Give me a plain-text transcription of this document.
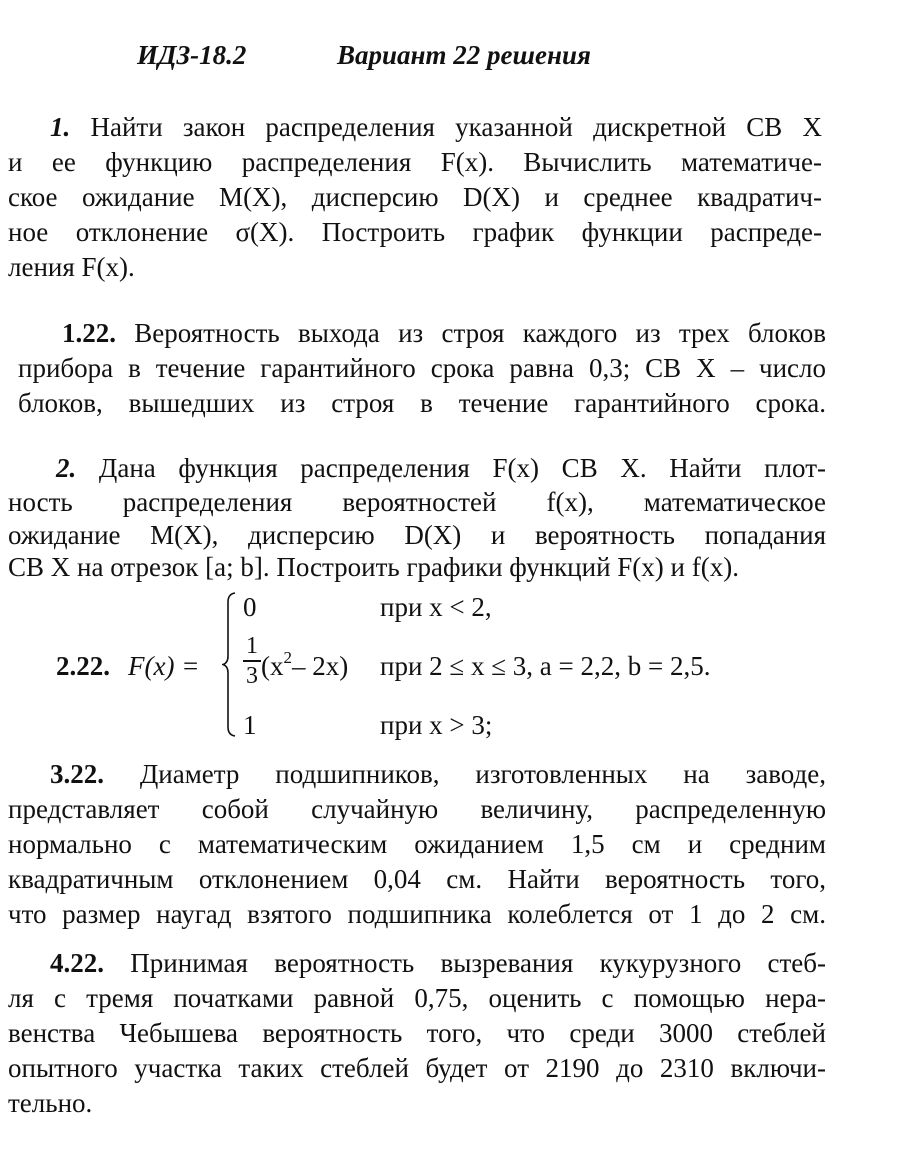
ИДЗ-18.2	Вариант 22 решения
1. Найти закон распределения указанной дискретной СВ X
и ее функцию распределения F(x). Вычислить математиче-
ское ожидание M(X), дисперсию D(X) и среднее квадратич-
ное отклонение σ(X). Построить график функции распреде-
ления F(x).
1.22. Вероятность выхода из строя каждого из трех блоков
прибора в течение гарантийного срока равна 0,3; СВ X – число
блоков, вышедших из строя в течение гарантийного срока.
2. Дана функция распределения F(x) СВ X. Найти плот-
ность распределения вероятностей f(x), математическое
ожидание M(X), дисперсию D(X) и вероятность попадания
СВ X на отрезок [a; b]. Построить графики функций F(x) и f(x).
2.22. F(x) =
0	при x < 2,
1
3 ($x^2-$ 2x) при 2 ≤ x ≤ 3, a = 2,2, b = 2,5.
1	при x > 3;
3.22. Диаметр подшипников, изготовленных на заводе,
представляет собой случайную величину, распределенную
нормально с математическим ожиданием 1,5 см и средним
квадратичным отклонением 0,04 см. Найти вероятность того,
что размер наугад взятого подшипника колеблется от 1 до 2 см.
4.22. Принимая вероятность вызревания кукурузного стеб-
ля с тремя початками равной 0,75, оценить с помощью нера-
венства Чебышева вероятность того, что среди 3000 стеблей
опытного участка таких стеблей будет от 2190 до 2310 включи-
тельно.
